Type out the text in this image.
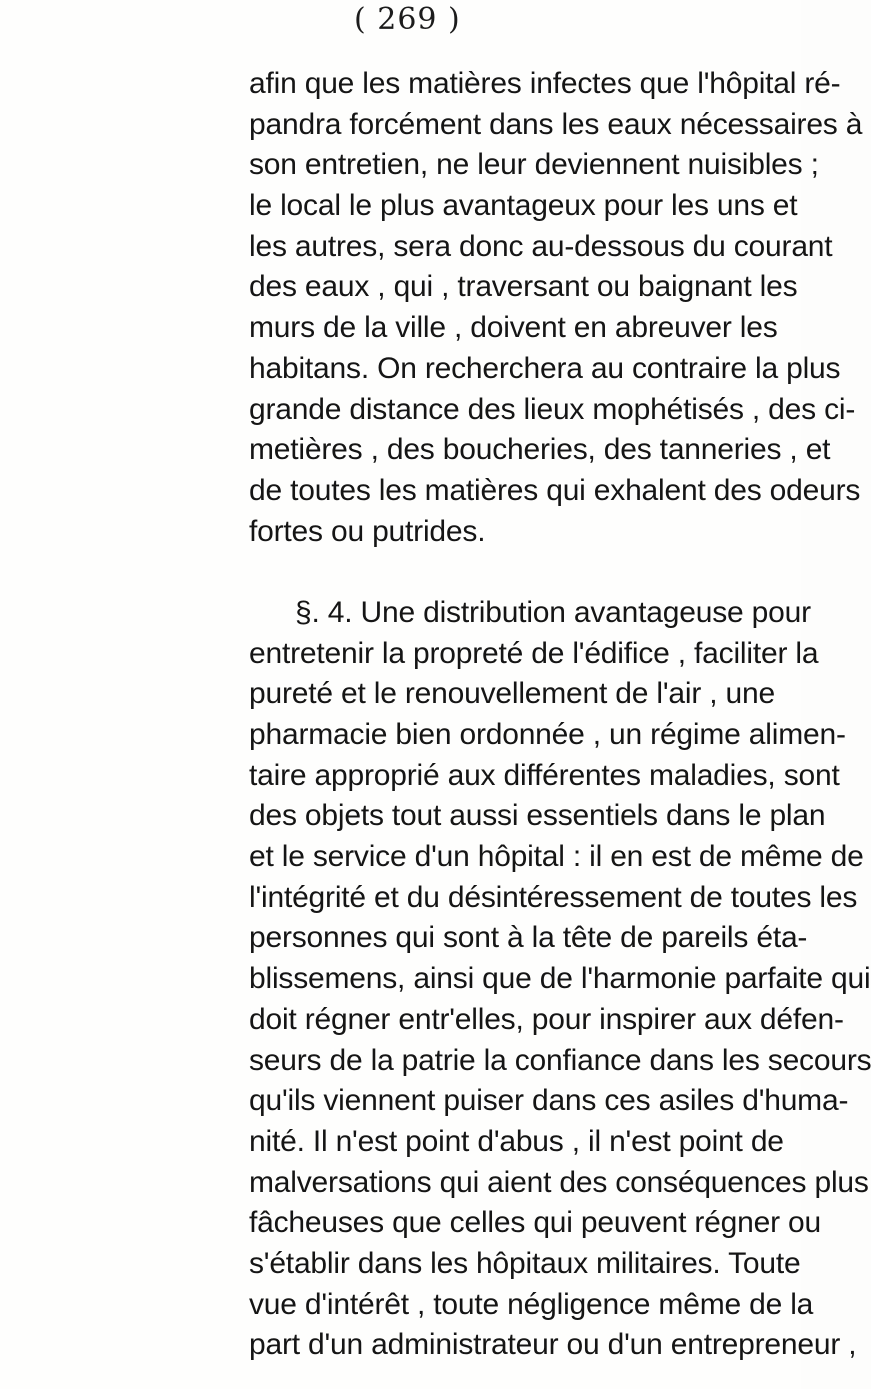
( 269 )
afin que les matières infectes que l'hôpital ré-
pandra forcément dans les eaux nécessaires à
son entretien, ne leur deviennent nuisibles ;
le local le plus avantageux pour les uns et
les autres, sera donc au-dessous du courant
des eaux , qui , traversant ou baignant les
murs de la ville , doivent en abreuver les
habitans. On recherchera au contraire la plus
grande distance des lieux mophétisés , des ci-
metières , des boucheries, des tanneries , et
de toutes les matières qui exhalent des odeurs
fortes ou putrides.
§. 4. Une distribution avantageuse pour
entretenir la propreté de l'édifice , faciliter la
pureté et le renouvellement de l'air , une
pharmacie bien ordonnée , un régime alimen-
taire approprié aux différentes maladies, sont
des objets tout aussi essentiels dans le plan
et le service d'un hôpital : il en est de même de
l'intégrité et du désintéressement de toutes les
personnes qui sont à la tête de pareils éta-
blissemens, ainsi que de l'harmonie parfaite qui
doit régner entr'elles, pour inspirer aux défen-
seurs de la patrie la confiance dans les secours
qu'ils viennent puiser dans ces asiles d'huma-
nité. Il n'est point d'abus , il n'est point de
malversations qui aient des conséquences plus
fâcheuses que celles qui peuvent régner ou
s'établir dans les hôpitaux militaires. Toute
vue d'intérêt , toute négligence même de la
part d'un administrateur ou d'un entrepreneur ,
